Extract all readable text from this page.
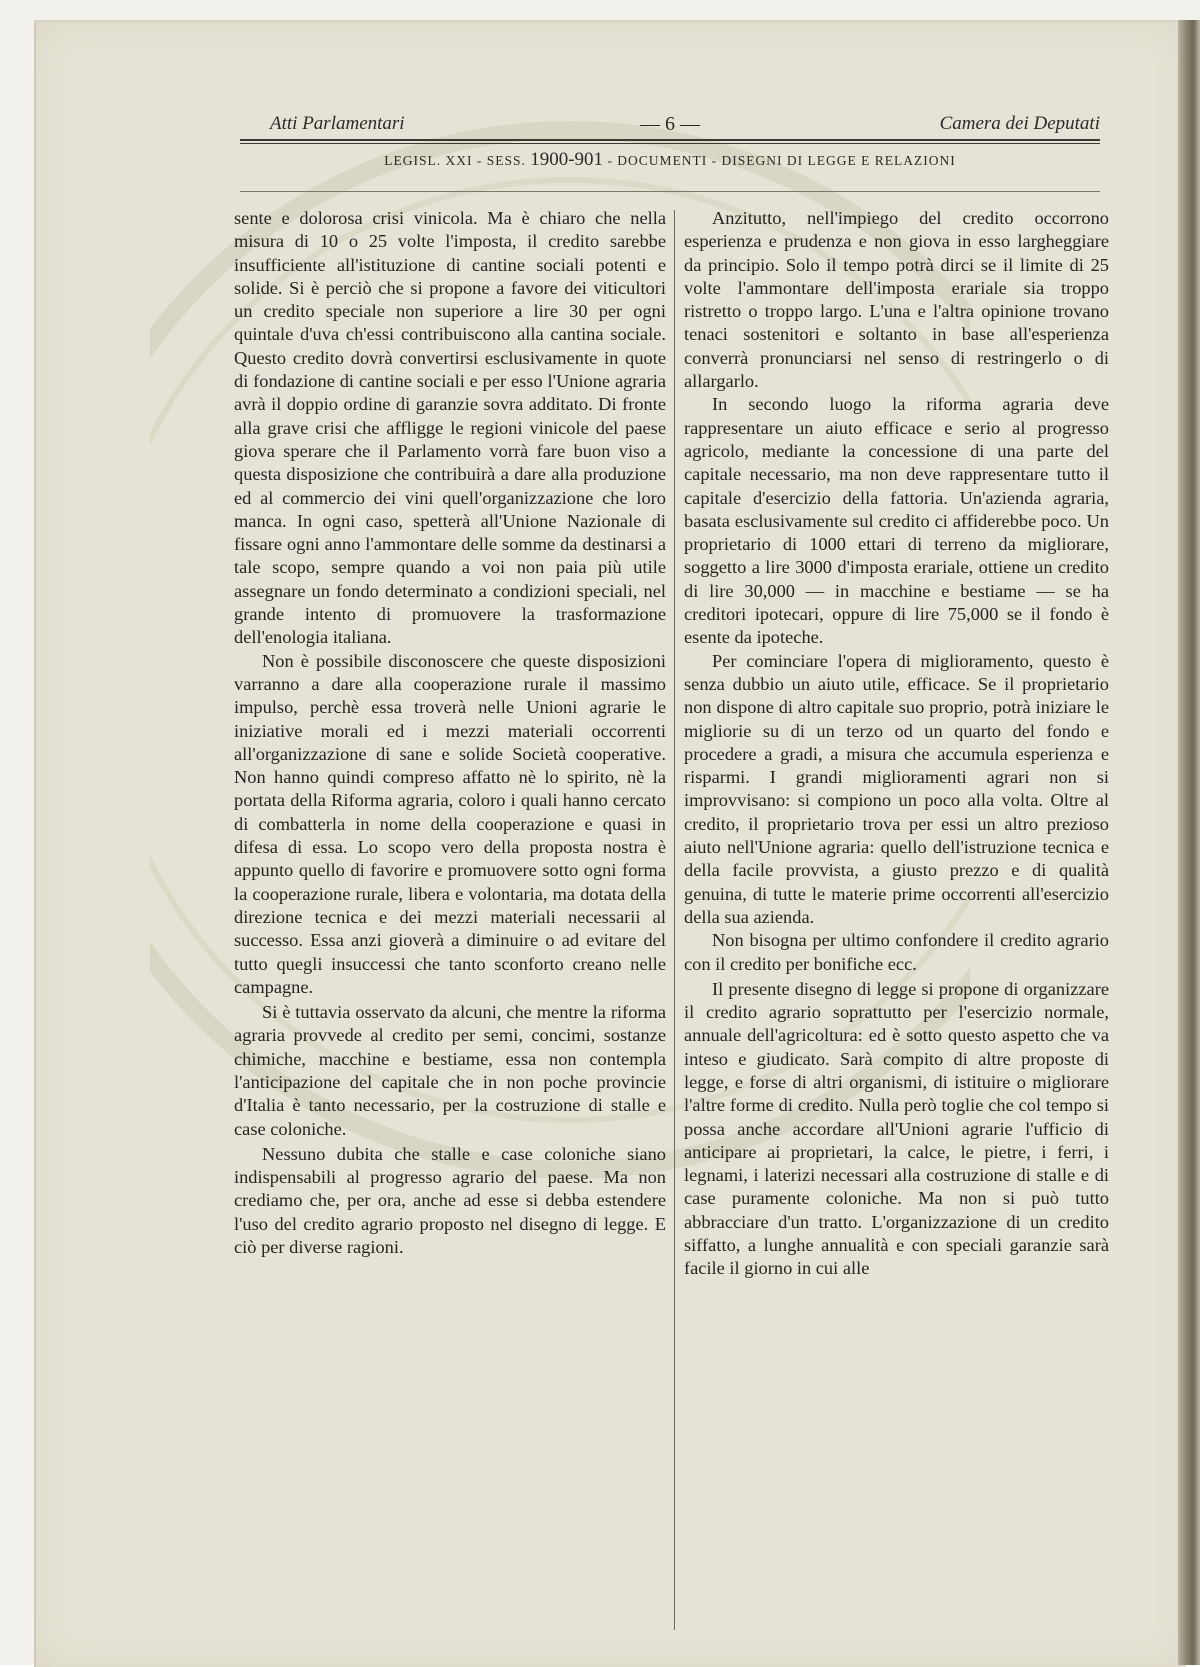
Atti Parlamentari	— 6 —	Camera dei Deputati
LEGISL. XXI - SESS. 1900-901 - DOCUMENTI - DISEGNI DI LEGGE E RELAZIONI

sente e dolorosa crisi vinicola. Ma è chiaro che nella misura di 10 o 25 volte l'imposta, il credito sarebbe insufficiente all'istituzione di cantine sociali potenti e solide. Si è perciò che si propone a favore dei viticultori un credito speciale non superiore a lire 30 per ogni quintale d'uva ch'essi contribuiscono alla cantina sociale. Questo credito dovrà convertirsi esclusivamente in quote di fondazione di cantine sociali e per esso l'Unione agraria avrà il doppio ordine di garanzie sovra additato. Di fronte alla grave crisi che affligge le regioni vinicole del paese giova sperare che il Parlamento vorrà fare buon viso a questa disposizione che contribuirà a dare alla produzione ed al commercio dei vini quell'organizzazione che loro manca. In ogni caso, spetterà all'Unione Nazionale di fissare ogni anno l'ammontare delle somme da destinarsi a tale scopo, sempre quando a voi non paia più utile assegnare un fondo determinato a condizioni speciali, nel grande intento di promuovere la trasformazione dell'enologia italiana.

Non è possibile disconoscere che queste disposizioni varranno a dare alla cooperazione rurale il massimo impulso, perchè essa troverà nelle Unioni agrarie le iniziative morali ed i mezzi materiali occorrenti all'organizzazione di sane e solide Società cooperative. Non hanno quindi compreso affatto nè lo spirito, nè la portata della Riforma agraria, coloro i quali hanno cercato di combatterla in nome della cooperazione e quasi in difesa di essa. Lo scopo vero della proposta nostra è appunto quello di favorire e promuovere sotto ogni forma la cooperazione rurale, libera e volontaria, ma dotata della direzione tecnica e dei mezzi materiali necessarii al successo. Essa anzi gioverà a diminuire o ad evitare del tutto quegli insuccessi che tanto sconforto creano nelle campagne.

Si è tuttavia osservato da alcuni, che mentre la riforma agraria provvede al credito per semi, concimi, sostanze chimiche, macchine e bestiame, essa non contempla l'anticipazione del capitale che in non poche provincie d'Italia è tanto necessario, per la costruzione di stalle e case coloniche.

Nessuno dubita che stalle e case coloniche siano indispensabili al progresso agrario del paese. Ma non crediamo che, per ora, anche ad esse si debba estendere l'uso del credito agrario proposto nel disegno di legge. E ciò per diverse ragioni.

Anzitutto, nell'impiego del credito occorrono esperienza e prudenza e non giova in esso largheggiare da principio. Solo il tempo potrà dirci se il limite di 25 volte l'ammontare dell'imposta erariale sia troppo ristretto o troppo largo. L'una e l'altra opinione trovano tenaci sostenitori e soltanto in base all'esperienza converrà pronunciarsi nel senso di restringerlo o di allargarlo.

In secondo luogo la riforma agraria deve rappresentare un aiuto efficace e serio al progresso agricolo, mediante la concessione di una parte del capitale necessario, ma non deve rappresentare tutto il capitale d'esercizio della fattoria. Un'azienda agraria, basata esclusivamente sul credito ci affiderebbe poco. Un proprietario di 1000 ettari di terreno da migliorare, soggetto a lire 3000 d'imposta erariale, ottiene un credito di lire 30,000 — in macchine e bestiame — se ha creditori ipotecari, oppure di lire 75,000 se il fondo è esente da ipoteche.

Per cominciare l'opera di miglioramento, questo è senza dubbio un aiuto utile, efficace. Se il proprietario non dispone di altro capitale suo proprio, potrà iniziare le migliorie su di un terzo od un quarto del fondo e procedere a gradi, a misura che accumula esperienza e risparmi. I grandi miglioramenti agrari non si improvvisano: si compiono un poco alla volta. Oltre al credito, il proprietario trova per essi un altro prezioso aiuto nell'Unione agraria: quello dell'istruzione tecnica e della facile provvista, a giusto prezzo e di qualità genuina, di tutte le materie prime occorrenti all'esercizio della sua azienda.

Non bisogna per ultimo confondere il credito agrario con il credito per bonifiche ecc.

Il presente disegno di legge si propone di organizzare il credito agrario soprattutto per l'esercizio normale, annuale dell'agricoltura: ed è sotto questo aspetto che va inteso e giudicato. Sarà compito di altre proposte di legge, e forse di altri organismi, di istituire o migliorare l'altre forme di credito. Nulla però toglie che col tempo si possa anche accordare all'Unioni agrarie l'ufficio di anticipare ai proprietari, la calce, le pietre, i ferri, i legnami, i laterizi necessari alla costruzione di stalle e di case puramente coloniche. Ma non si può tutto abbracciare d'un tratto. L'organizzazione di un credito siffatto, a lunghe annualità e con speciali garanzie sarà facile il giorno in cui alle
